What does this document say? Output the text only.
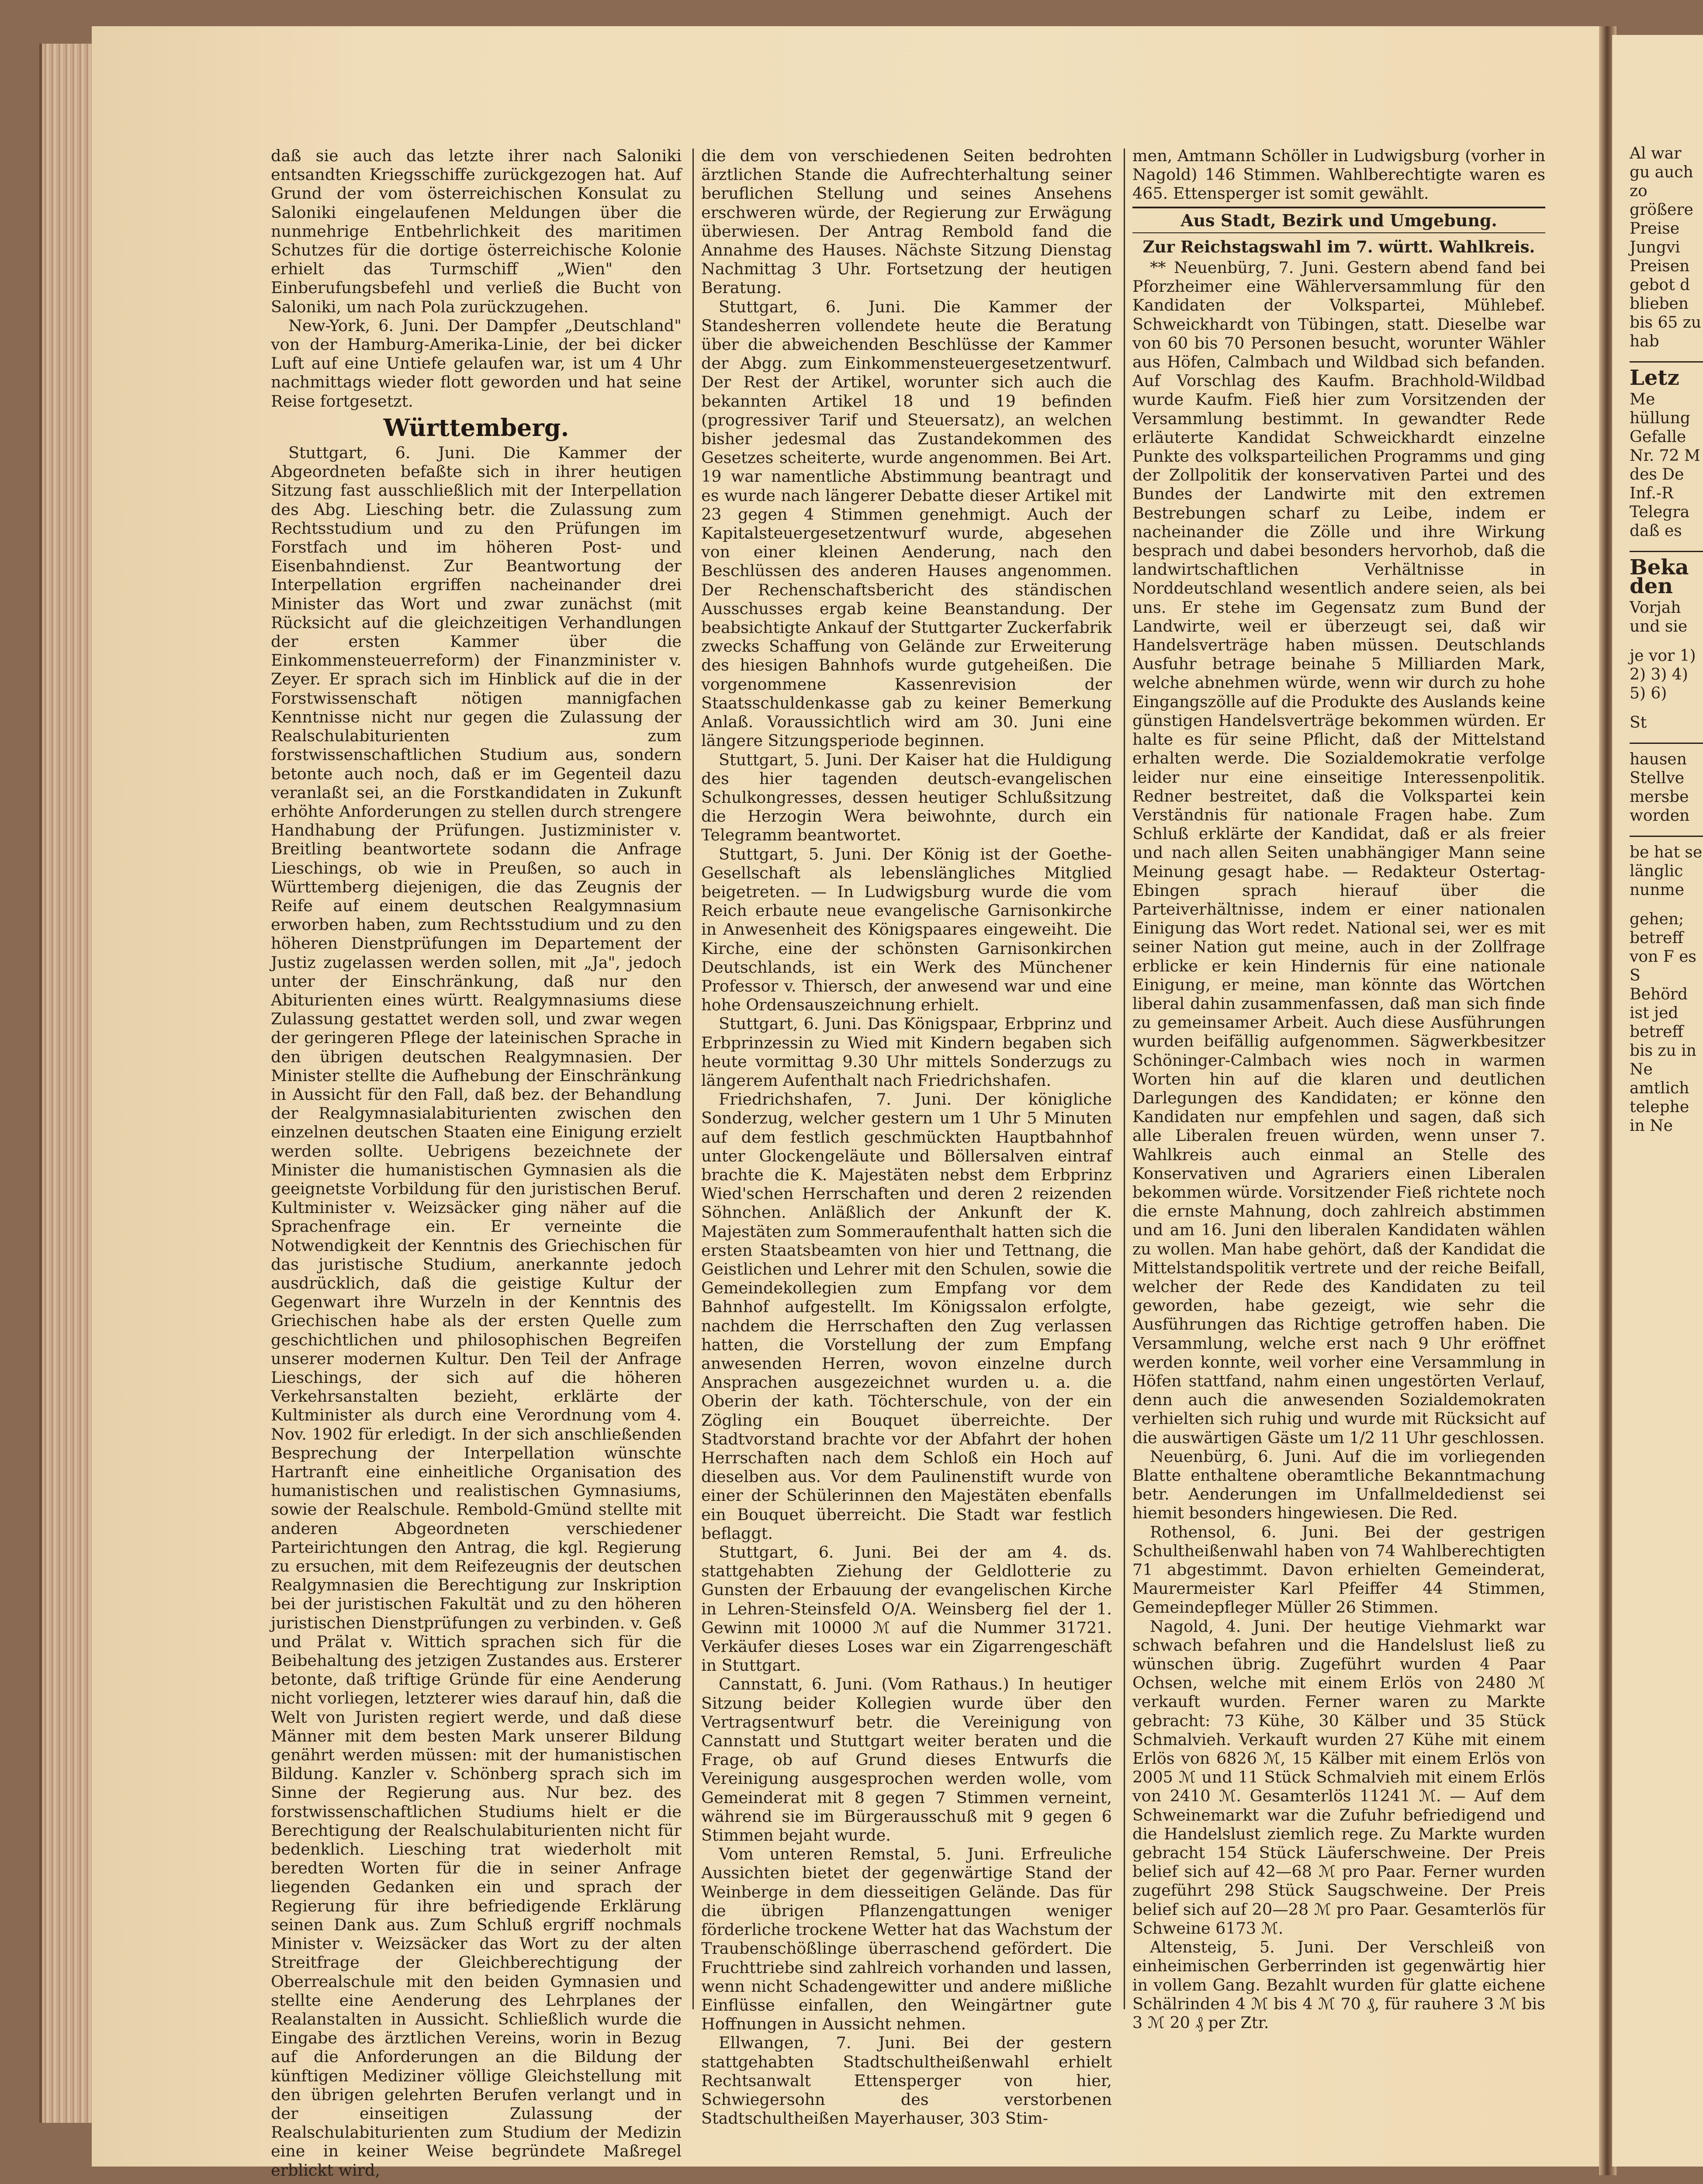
daß sie auch das letzte ihrer nach Saloniki entsandten Kriegsschiffe zurückgezogen hat. Auf Grund der vom österreichischen Konsulat zu Saloniki eingelaufenen Meldungen über die nunmehrige Entbehrlichkeit des maritimen Schutzes für die dortige österreichische Kolonie erhielt das Turmschiff „Wien" den Einberufungsbefehl und verließ die Bucht von Saloniki, um nach Pola zurückzugehen.

New-York, 6. Juni. Der Dampfer „Deutschland" von der Hamburg-Amerika-Linie, der bei dicker Luft auf eine Untiefe gelaufen war, ist um 4 Uhr nachmittags wieder flott geworden und hat seine Reise fortgesetzt.

Württemberg.

Stuttgart, 6. Juni. Die Kammer der Abgeordneten befaßte sich in ihrer heutigen Sitzung fast ausschließlich mit der Interpellation des Abg. Liesching betr. die Zulassung zum Rechtsstudium und zu den Prüfungen im Forstfach und im höheren Post- und Eisenbahndienst. Zur Beantwortung der Interpellation ergriffen nacheinander drei Minister das Wort und zwar zunächst (mit Rücksicht auf die gleichzeitigen Verhandlungen der ersten Kammer über die Einkommensteuerreform) der Finanzminister v. Zeyer. Er sprach sich im Hinblick auf die in der Forstwissenschaft nötigen mannigfachen Kenntnisse nicht nur gegen die Zulassung der Realschulabiturienten zum forstwissenschaftlichen Studium aus, sondern betonte auch noch, daß er im Gegenteil dazu veranlaßt sei, an die Forstkandidaten in Zukunft erhöhte Anforderungen zu stellen durch strengere Handhabung der Prüfungen. Justizminister v. Breitling beantwortete sodann die Anfrage Lieschings, ob wie in Preußen, so auch in Württemberg diejenigen, die das Zeugnis der Reife auf einem deutschen Realgymnasium erworben haben, zum Rechtsstudium und zu den höheren Dienstprüfungen im Departement der Justiz zugelassen werden sollen, mit „Ja", jedoch unter der Einschränkung, daß nur den Abiturienten eines württ. Realgymnasiums diese Zulassung gestattet werden soll, und zwar wegen der geringeren Pflege der lateinischen Sprache in den übrigen deutschen Realgymnasien. Der Minister stellte die Aufhebung der Einschränkung in Aussicht für den Fall, daß bez. der Behandlung der Realgymnasialabiturienten zwischen den einzelnen deutschen Staaten eine Einigung erzielt werden sollte. Uebrigens bezeichnete der Minister die humanistischen Gymnasien als die geeignetste Vorbildung für den juristischen Beruf. Kultminister v. Weizsäcker ging näher auf die Sprachenfrage ein. Er verneinte die Notwendigkeit der Kenntnis des Griechischen für das juristische Studium, anerkannte jedoch ausdrücklich, daß die geistige Kultur der Gegenwart ihre Wurzeln in der Kenntnis des Griechischen habe als der ersten Quelle zum geschichtlichen und philosophischen Begreifen unserer modernen Kultur. Den Teil der Anfrage Lieschings, der sich auf die höheren Verkehrsanstalten bezieht, erklärte der Kultminister als durch eine Verordnung vom 4. Nov. 1902 für erledigt. In der sich anschließenden Besprechung der Interpellation wünschte Hartranft eine einheitliche Organisation des humanistischen und realistischen Gymnasiums, sowie der Realschule. Rembold-Gmünd stellte mit anderen Abgeordneten verschiedener Parteirichtungen den Antrag, die kgl. Regierung zu ersuchen, mit dem Reifezeugnis der deutschen Realgymnasien die Berechtigung zur Inskription bei der juristischen Fakultät und zu den höheren juristischen Dienstprüfungen zu verbinden. v. Geß und Prälat v. Wittich sprachen sich für die Beibehaltung des jetzigen Zustandes aus. Ersterer betonte, daß triftige Gründe für eine Aenderung nicht vorliegen, letzterer wies darauf hin, daß die Welt von Juristen regiert werde, und daß diese Männer mit dem besten Mark unserer Bildung genährt werden müssen: mit der humanistischen Bildung. Kanzler v. Schönberg sprach sich im Sinne der Regierung aus. Nur bez. des forstwissenschaftlichen Studiums hielt er die Berechtigung der Realschulabiturienten nicht für bedenklich. Liesching trat wiederholt mit beredten Worten für die in seiner Anfrage liegenden Gedanken ein und sprach der Regierung für ihre befriedigende Erklärung seinen Dank aus. Zum Schluß ergriff nochmals Minister v. Weizsäcker das Wort zu der alten Streitfrage der Gleichberechtigung der Oberrealschule mit den beiden Gymnasien und stellte eine Aenderung des Lehrplanes der Realanstalten in Aussicht. Schließlich wurde die Eingabe des ärztlichen Vereins, worin in Bezug auf die Anforderungen an die Bildung der künftigen Mediziner völlige Gleichstellung mit den übrigen gelehrten Berufen verlangt und in der einseitigen Zulassung der Realschulabiturienten zum Studium der Medizin eine in keiner Weise begründete Maßregel erblickt wird,

die dem von verschiedenen Seiten bedrohten ärztlichen Stande die Aufrechterhaltung seiner beruflichen Stellung und seines Ansehens erschweren würde, der Regierung zur Erwägung überwiesen. Der Antrag Rembold fand die Annahme des Hauses. Nächste Sitzung Dienstag Nachmittag 3 Uhr. Fortsetzung der heutigen Beratung.

Stuttgart, 6. Juni. Die Kammer der Standesherren vollendete heute die Beratung über die abweichenden Beschlüsse der Kammer der Abgg. zum Einkommensteuergesetzentwurf. Der Rest der Artikel, worunter sich auch die bekannten Artikel 18 und 19 befinden (progressiver Tarif und Steuersatz), an welchen bisher jedesmal das Zustandekommen des Gesetzes scheiterte, wurde angenommen. Bei Art. 19 war namentliche Abstimmung beantragt und es wurde nach längerer Debatte dieser Artikel mit 23 gegen 4 Stimmen genehmigt. Auch der Kapitalsteuergesetzentwurf wurde, abgesehen von einer kleinen Aenderung, nach den Beschlüssen des anderen Hauses angenommen. Der Rechenschaftsbericht des ständischen Ausschusses ergab keine Beanstandung. Der beabsichtigte Ankauf der Stuttgarter Zuckerfabrik zwecks Schaffung von Gelände zur Erweiterung des hiesigen Bahnhofs wurde gutgeheißen. Die vorgenommene Kassenrevision der Staatsschuldenkasse gab zu keiner Bemerkung Anlaß. Voraussichtlich wird am 30. Juni eine längere Sitzungsperiode beginnen.

Stuttgart, 5. Juni. Der Kaiser hat die Huldigung des hier tagenden deutsch-evangelischen Schulkongresses, dessen heutiger Schlußsitzung die Herzogin Wera beiwohnte, durch ein Telegramm beantwortet.

Stuttgart, 5. Juni. Der König ist der Goethe-Gesellschaft als lebenslängliches Mitglied beigetreten. — In Ludwigsburg wurde die vom Reich erbaute neue evangelische Garnisonkirche in Anwesenheit des Königspaares eingeweiht. Die Kirche, eine der schönsten Garnisonkirchen Deutschlands, ist ein Werk des Münchener Professor v. Thiersch, der anwesend war und eine hohe Ordensauszeichnung erhielt.

Stuttgart, 6. Juni. Das Königspaar, Erbprinz und Erbprinzessin zu Wied mit Kindern begaben sich heute vormittag 9.30 Uhr mittels Sonderzugs zu längerem Aufenthalt nach Friedrichshafen.

Friedrichshafen, 7. Juni. Der königliche Sonderzug, welcher gestern um 1 Uhr 5 Minuten auf dem festlich geschmückten Hauptbahnhof unter Glockengeläute und Böllersalven eintraf brachte die K. Majestäten nebst dem Erbprinz Wied'schen Herrschaften und deren 2 reizenden Söhnchen. Anläßlich der Ankunft der K. Majestäten zum Sommeraufenthalt hatten sich die ersten Staatsbeamten von hier und Tettnang, die Geistlichen und Lehrer mit den Schulen, sowie die Gemeindekollegien zum Empfang vor dem Bahnhof aufgestellt. Im Königssalon erfolgte, nachdem die Herrschaften den Zug verlassen hatten, die Vorstellung der zum Empfang anwesenden Herren, wovon einzelne durch Ansprachen ausgezeichnet wurden u. a. die Oberin der kath. Töchterschule, von der ein Zögling ein Bouquet überreichte. Der Stadtvorstand brachte vor der Abfahrt der hohen Herrschaften nach dem Schloß ein Hoch auf dieselben aus. Vor dem Paulinenstift wurde von einer der Schülerinnen den Majestäten ebenfalls ein Bouquet überreicht. Die Stadt war festlich beflaggt.

Stuttgart, 6. Juni. Bei der am 4. ds. stattgehabten Ziehung der Geldlotterie zu Gunsten der Erbauung der evangelischen Kirche in Lehren-Steinsfeld O/A. Weinsberg fiel der 1. Gewinn mit 10000 ℳ auf die Nummer 31721. Verkäufer dieses Loses war ein Zigarrengeschäft in Stuttgart.

Cannstatt, 6. Juni. (Vom Rathaus.) In heutiger Sitzung beider Kollegien wurde über den Vertragsentwurf betr. die Vereinigung von Cannstatt und Stuttgart weiter beraten und die Frage, ob auf Grund dieses Entwurfs die Vereinigung ausgesprochen werden wolle, vom Gemeinderat mit 8 gegen 7 Stimmen verneint, während sie im Bürgerausschuß mit 9 gegen 6 Stimmen bejaht wurde.

Vom unteren Remstal, 5. Juni. Erfreuliche Aussichten bietet der gegenwärtige Stand der Weinberge in dem diesseitigen Gelände. Das für die übrigen Pflanzengattungen weniger förderliche trockene Wetter hat das Wachstum der Traubenschößlinge überraschend gefördert. Die Fruchttriebe sind zahlreich vorhanden und lassen, wenn nicht Schadengewitter und andere mißliche Einflüsse einfallen, den Weingärtner gute Hoffnungen in Aussicht nehmen.

Ellwangen, 7. Juni. Bei der gestern stattgehabten Stadtschultheißenwahl erhielt Rechtsanwalt Ettensperger von hier, Schwiegersohn des verstorbenen Stadtschultheißen Mayerhauser, 303 Stim-

men, Amtmann Schöller in Ludwigsburg (vorher in Nagold) 146 Stimmen. Wahlberechtigte waren es 465. Ettensperger ist somit gewählt.

Aus Stadt, Bezirk und Umgebung.
Zur Reichstagswahl im 7. württ. Wahlkreis.

** Neuenbürg, 7. Juni. Gestern abend fand bei Pforzheimer eine Wählerversammlung für den Kandidaten der Volkspartei, Mühlebef. Schweickhardt von Tübingen, statt. Dieselbe war von 60 bis 70 Personen besucht, worunter Wähler aus Höfen, Calmbach und Wildbad sich befanden. Auf Vorschlag des Kaufm. Brachhold-Wildbad wurde Kaufm. Fieß hier zum Vorsitzenden der Versammlung bestimmt. In gewandter Rede erläuterte Kandidat Schweickhardt einzelne Punkte des volksparteilichen Programms und ging der Zollpolitik der konservativen Partei und des Bundes der Landwirte mit den extremen Bestrebungen scharf zu Leibe, indem er nacheinander die Zölle und ihre Wirkung besprach und dabei besonders hervorhob, daß die landwirtschaftlichen Verhältnisse in Norddeutschland wesentlich andere seien, als bei uns. Er stehe im Gegensatz zum Bund der Landwirte, weil er überzeugt sei, daß wir Handelsverträge haben müssen. Deutschlands Ausfuhr betrage beinahe 5 Milliarden Mark, welche abnehmen würde, wenn wir durch zu hohe Eingangszölle auf die Produkte des Auslands keine günstigen Handelsverträge bekommen würden. Er halte es für seine Pflicht, daß der Mittelstand erhalten werde. Die Sozialdemokratie verfolge leider nur eine einseitige Interessenpolitik. Redner bestreitet, daß die Volkspartei kein Verständnis für nationale Fragen habe. Zum Schluß erklärte der Kandidat, daß er als freier und nach allen Seiten unabhängiger Mann seine Meinung gesagt habe. — Redakteur Ostertag-Ebingen sprach hierauf über die Parteiverhältnisse, indem er einer nationalen Einigung das Wort redet. National sei, wer es mit seiner Nation gut meine, auch in der Zollfrage erblicke er kein Hindernis für eine nationale Einigung, er meine, man könnte das Wörtchen liberal dahin zusammenfassen, daß man sich finde zu gemeinsamer Arbeit. Auch diese Ausführungen wurden beifällig aufgenommen. Sägwerkbesitzer Schöninger-Calmbach wies noch in warmen Worten hin auf die klaren und deutlichen Darlegungen des Kandidaten; er könne den Kandidaten nur empfehlen und sagen, daß sich alle Liberalen freuen würden, wenn unser 7. Wahlkreis auch einmal an Stelle des Konservativen und Agrariers einen Liberalen bekommen würde. Vorsitzender Fieß richtete noch die ernste Mahnung, doch zahlreich abstimmen und am 16. Juni den liberalen Kandidaten wählen zu wollen. Man habe gehört, daß der Kandidat die Mittelstandspolitik vertrete und der reiche Beifall, welcher der Rede des Kandidaten zu teil geworden, habe gezeigt, wie sehr die Ausführungen das Richtige getroffen haben. Die Versammlung, welche erst nach 9 Uhr eröffnet werden konnte, weil vorher eine Versammlung in Höfen stattfand, nahm einen ungestörten Verlauf, denn auch die anwesenden Sozialdemokraten verhielten sich ruhig und wurde mit Rücksicht auf die auswärtigen Gäste um 1/2 11 Uhr geschlossen.

Neuenbürg, 6. Juni. Auf die im vorliegenden Blatte enthaltene oberamtliche Bekanntmachung betr. Aenderungen im Unfallmeldedienst sei hiemit besonders hingewiesen. Die Red.

Rothensol, 6. Juni. Bei der gestrigen Schultheißenwahl haben von 74 Wahlberechtigten 71 abgestimmt. Davon erhielten Gemeinderat, Maurermeister Karl Pfeiffer 44 Stimmen, Gemeindepfleger Müller 26 Stimmen.

Nagold, 4. Juni. Der heutige Viehmarkt war schwach befahren und die Handelslust ließ zu wünschen übrig. Zugeführt wurden 4 Paar Ochsen, welche mit einem Erlös von 2480 ℳ verkauft wurden. Ferner waren zu Markte gebracht: 73 Kühe, 30 Kälber und 35 Stück Schmalvieh. Verkauft wurden 27 Kühe mit einem Erlös von 6826 ℳ, 15 Kälber mit einem Erlös von 2005 ℳ und 11 Stück Schmalvieh mit einem Erlös von 2410 ℳ. Gesamterlös 11241 ℳ. — Auf dem Schweinemarkt war die Zufuhr befriedigend und die Handelslust ziemlich rege. Zu Markte wurden gebracht 154 Stück Läuferschweine. Der Preis belief sich auf 42—68 ℳ pro Paar. Ferner wurden zugeführt 298 Stück Saugschweine. Der Preis belief sich auf 20—28 ℳ pro Paar. Gesamterlös für Schweine 6173 ℳ.

Altensteig, 5. Juni. Der Verschleiß von einheimischen Gerberrinden ist gegenwärtig hier in vollem Gang. Bezahlt wurden für glatte eichene Schälrinden 4 ℳ bis 4 ℳ 70 ₰, für rauhere 3 ℳ bis 3 ℳ 20 ₰ per Ztr.

Al war gu auch zo größere Preise Jungvi Preisen gebot d blieben bis 65 zu hab
Letz
Me hüllung Gefalle Nr. 72 M des De Inf.-R Telegra daß es
Beka den
Vorjah und sie
je vor 1) 2) 3) 4) 5) 6)
St
hausen Stellve mersbe worden
be hat se länglic nunme
gehen; betreff von F es S Behörd ist jed betreff bis zu in Ne amtlich telephe in Ne
